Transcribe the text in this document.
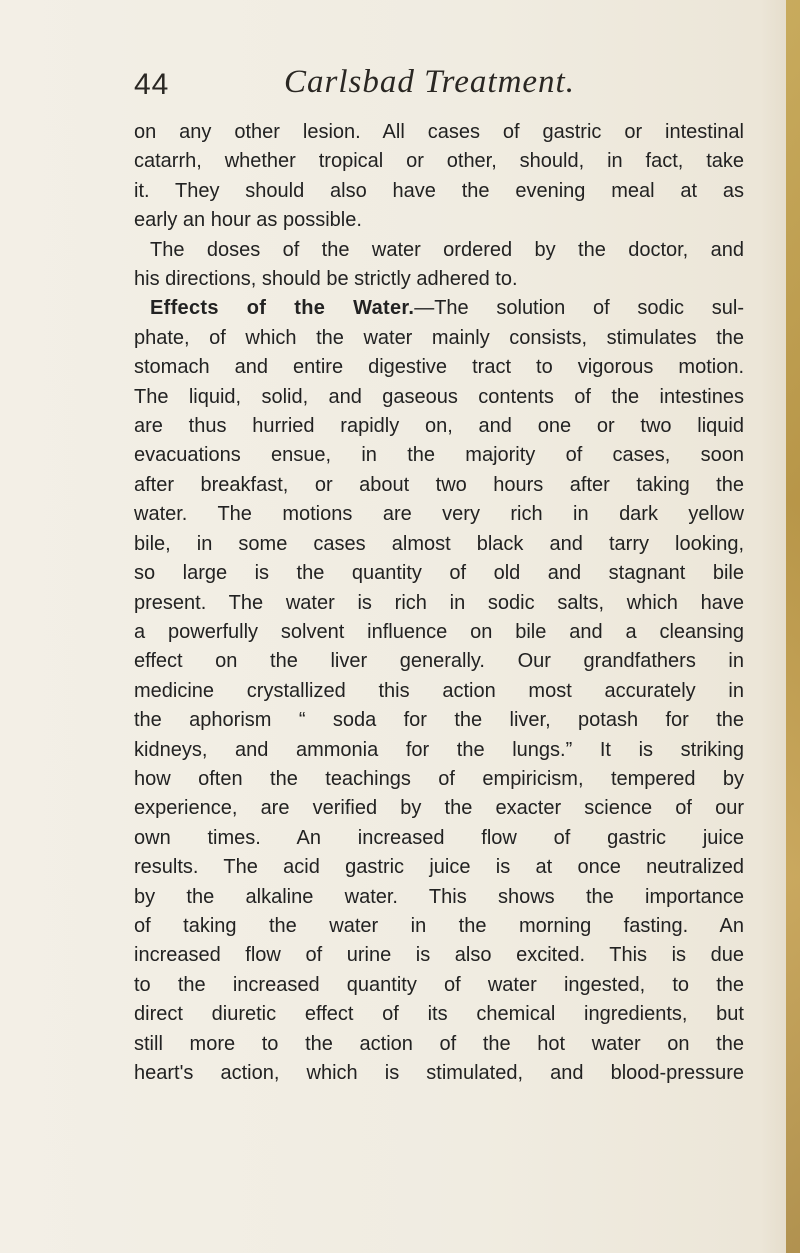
44	Carlsbad Treatment.
on any other lesion. All cases of gastric or intestinal
catarrh, whether tropical or other, should, in fact, take
it. They should also have the evening meal at as
early an hour as possible.
The doses of the water ordered by the doctor, and
his directions, should be strictly adhered to.
Effects of the Water.—The solution of sodic sul-
phate, of which the water mainly consists, stimulates the
stomach and entire digestive tract to vigorous motion.
The liquid, solid, and gaseous contents of the intestines
are thus hurried rapidly on, and one or two liquid
evacuations ensue, in the majority of cases, soon
after breakfast, or about two hours after taking the
water. The motions are very rich in dark yellow
bile, in some cases almost black and tarry looking,
so large is the quantity of old and stagnant bile
present. The water is rich in sodic salts, which have
a powerfully solvent influence on bile and a cleansing
effect on the liver generally. Our grandfathers in
medicine crystallized this action most accurately in
the aphorism “ soda for the liver, potash for the
kidneys, and ammonia for the lungs.” It is striking
how often the teachings of empiricism, tempered by
experience, are verified by the exacter science of our
own times. An increased flow of gastric juice
results. The acid gastric juice is at once neutralized
by the alkaline water. This shows the importance
of taking the water in the morning fasting. An
increased flow of urine is also excited. This is due
to the increased quantity of water ingested, to the
direct diuretic effect of its chemical ingredients, but
still more to the action of the hot water on the
heart's action, which is stimulated, and blood-pressure
